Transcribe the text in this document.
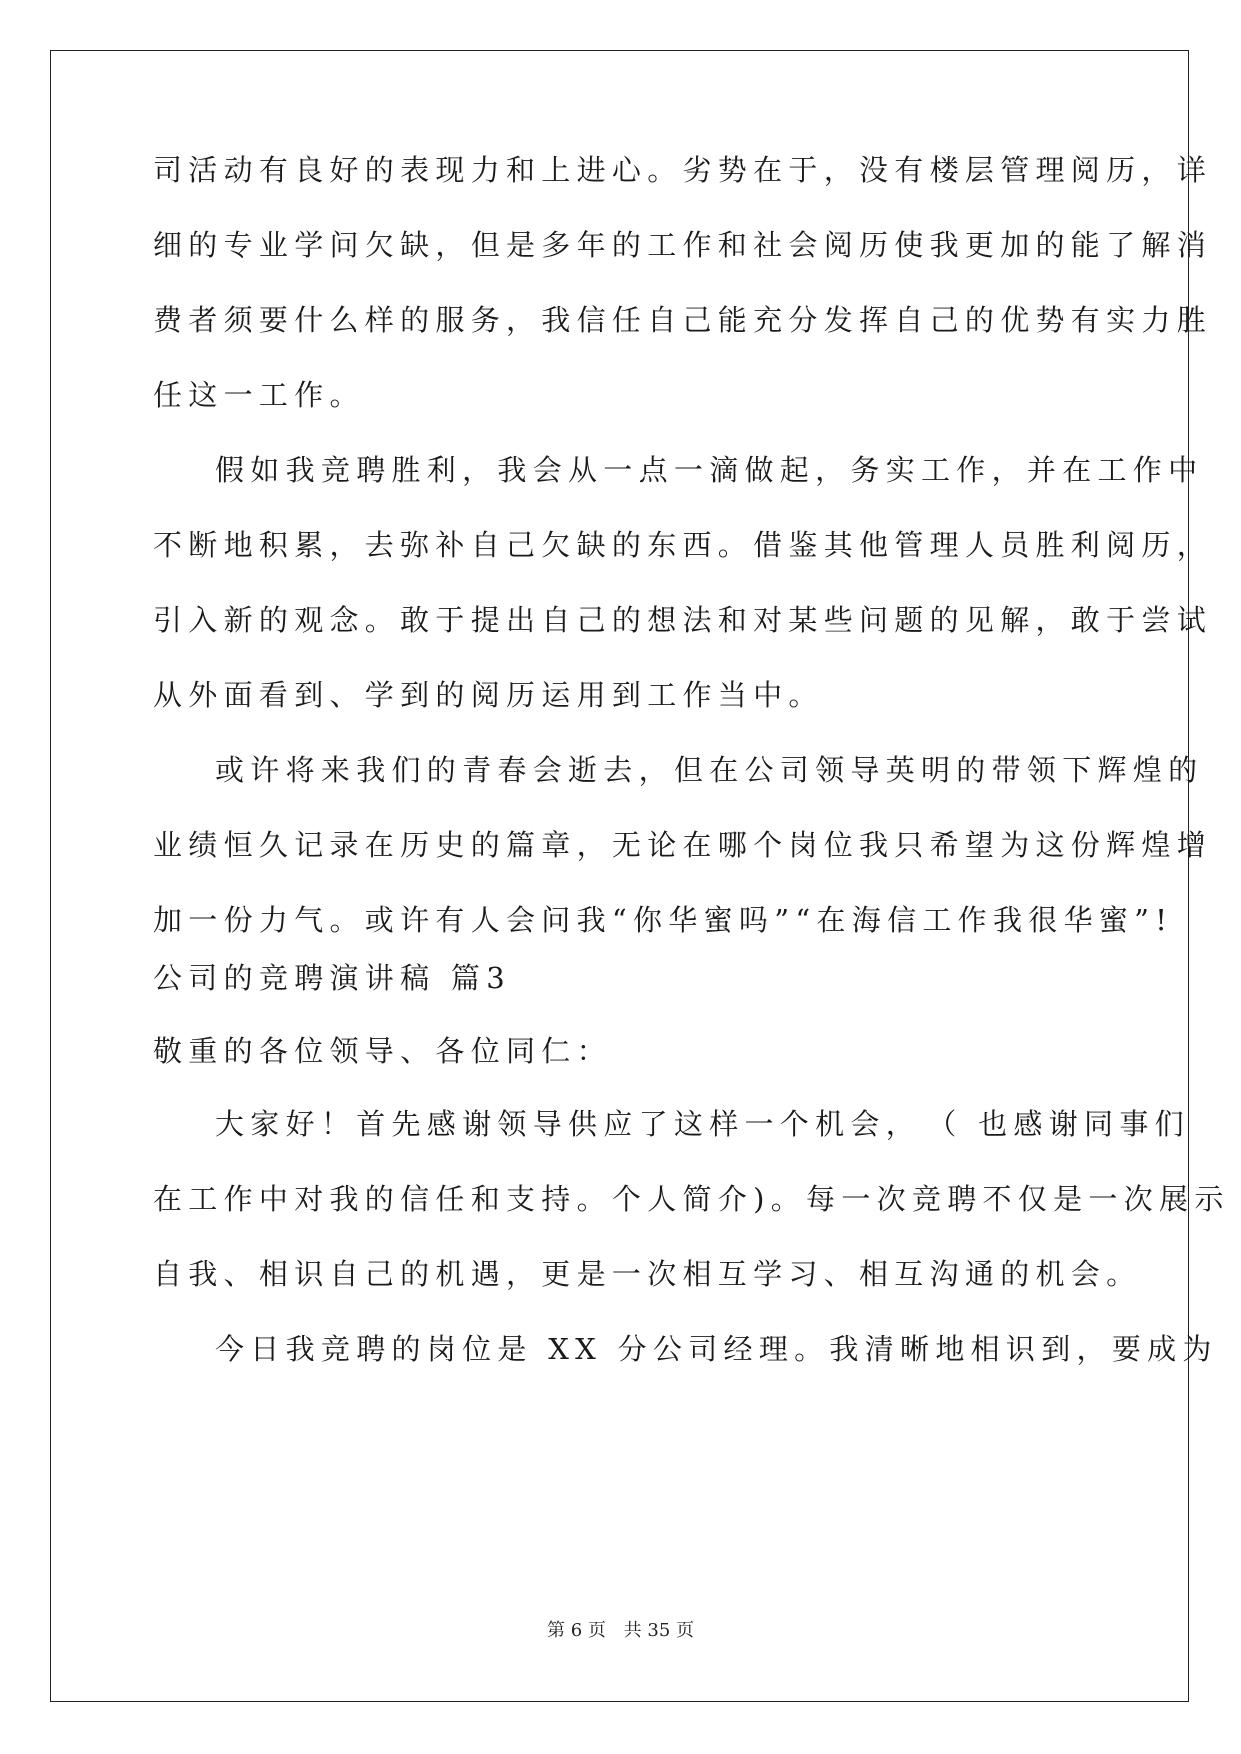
司活动有良好的表现力和上进心。劣势在于，没有楼层管理阅历，详
细的专业学问欠缺，但是多年的工作和社会阅历使我更加的能了解消
费者须要什么样的服务，我信任自己能充分发挥自己的优势有实力胜
任这一工作。
假如我竞聘胜利，我会从一点一滴做起，务实工作，并在工作中
不断地积累，去弥补自己欠缺的东西。借鉴其他管理人员胜利阅历，
引入新的观念。敢于提出自己的想法和对某些问题的见解，敢于尝试
从外面看到、学到的阅历运用到工作当中。
或许将来我们的青春会逝去，但在公司领导英明的带领下辉煌的
业绩恒久记录在历史的篇章，无论在哪个岗位我只希望为这份辉煌增
加一份力气。或许有人会问我“你华蜜吗”“在海信工作我很华蜜”!
公司的竞聘演讲稿 篇3
敬重的各位领导、各位同仁：
大家好！首先感谢领导供应了这样一个机会，　（ 也感谢同事们
在工作中对我的信任和支持。个人简介)。每一次竞聘不仅是一次展示
自我、相识自己的机遇，更是一次相互学习、相互沟通的机会。
今日我竞聘的岗位是 XX 分公司经理。我清晰地相识到，要成为
第 6 页 共 35 页
